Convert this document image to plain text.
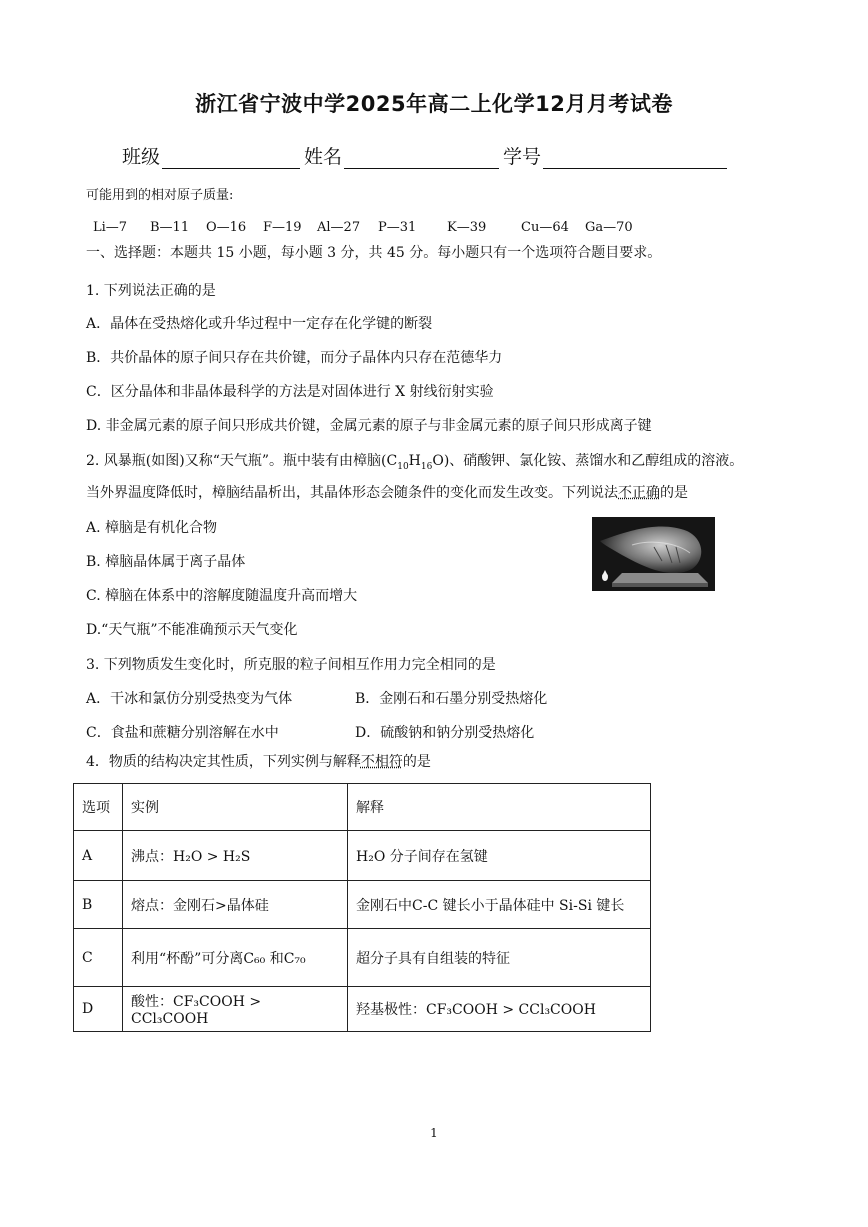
浙江省宁波中学2025年高二上化学12月月考试卷
班级	姓名	学号
可能用到的相对原子质量:
Li—7 B—11 O—16 F—19 Al—27 P—31 K—39	Cu—64 Ga—70
一、选择题：本题共 15 小题，每小题 3 分，共 45 分。每小题只有一个选项符合题目要求。
1. 下列说法正确的是
A．晶体在受热熔化或升华过程中一定存在化学键的断裂
B．共价晶体的原子间只存在共价键，而分子晶体内只存在范德华力
C．区分晶体和非晶体最科学的方法是对固体进行 X 射线衍射实验
D. 非金属元素的原子间只形成共价键，金属元素的原子与非金属元素的原子间只形成离子键
2. 风暴瓶(如图)又称“天气瓶”。瓶中装有由樟脑$(C_{10}H_{16}O)$、硝酸钾、氯化铵、蒸馏水和乙醇组成的溶液。
当外界温度降低时，樟脑结晶析出，其晶体形态会随条件的变化而发生改变。下列说法不正确的是
A. 樟脑是有机化合物
B. 樟脑晶体属于离子晶体
C. 樟脑在体系中的溶解度随温度升高而增大
D.“天气瓶”不能准确预示天气变化
3. 下列物质发生变化时，所克服的粒子间相互作用力完全相同的是
A．干冰和氯仿分别受热变为气体	B．金刚石和石墨分别受热熔化
C．食盐和蔗糖分别溶解在水中	D．硫酸钠和钠分别受热熔化
4．物质的结构决定其性质，下列实例与解释不相符的是
选项	实例	解释
A	沸点：H₂O > H₂S	H₂O 分子间存在氢键
B	熔点：金刚石>晶体硅	金刚石中C-C 键长小于晶体硅中 Si-Si 键长
C	利用“杯酚”可分离C₆₀ 和C₇₀	超分子具有自组装的特征
D	酸性：CF₃COOH > CCl₃COOH	羟基极性：CF₃COOH > CCl₃COOH
1
